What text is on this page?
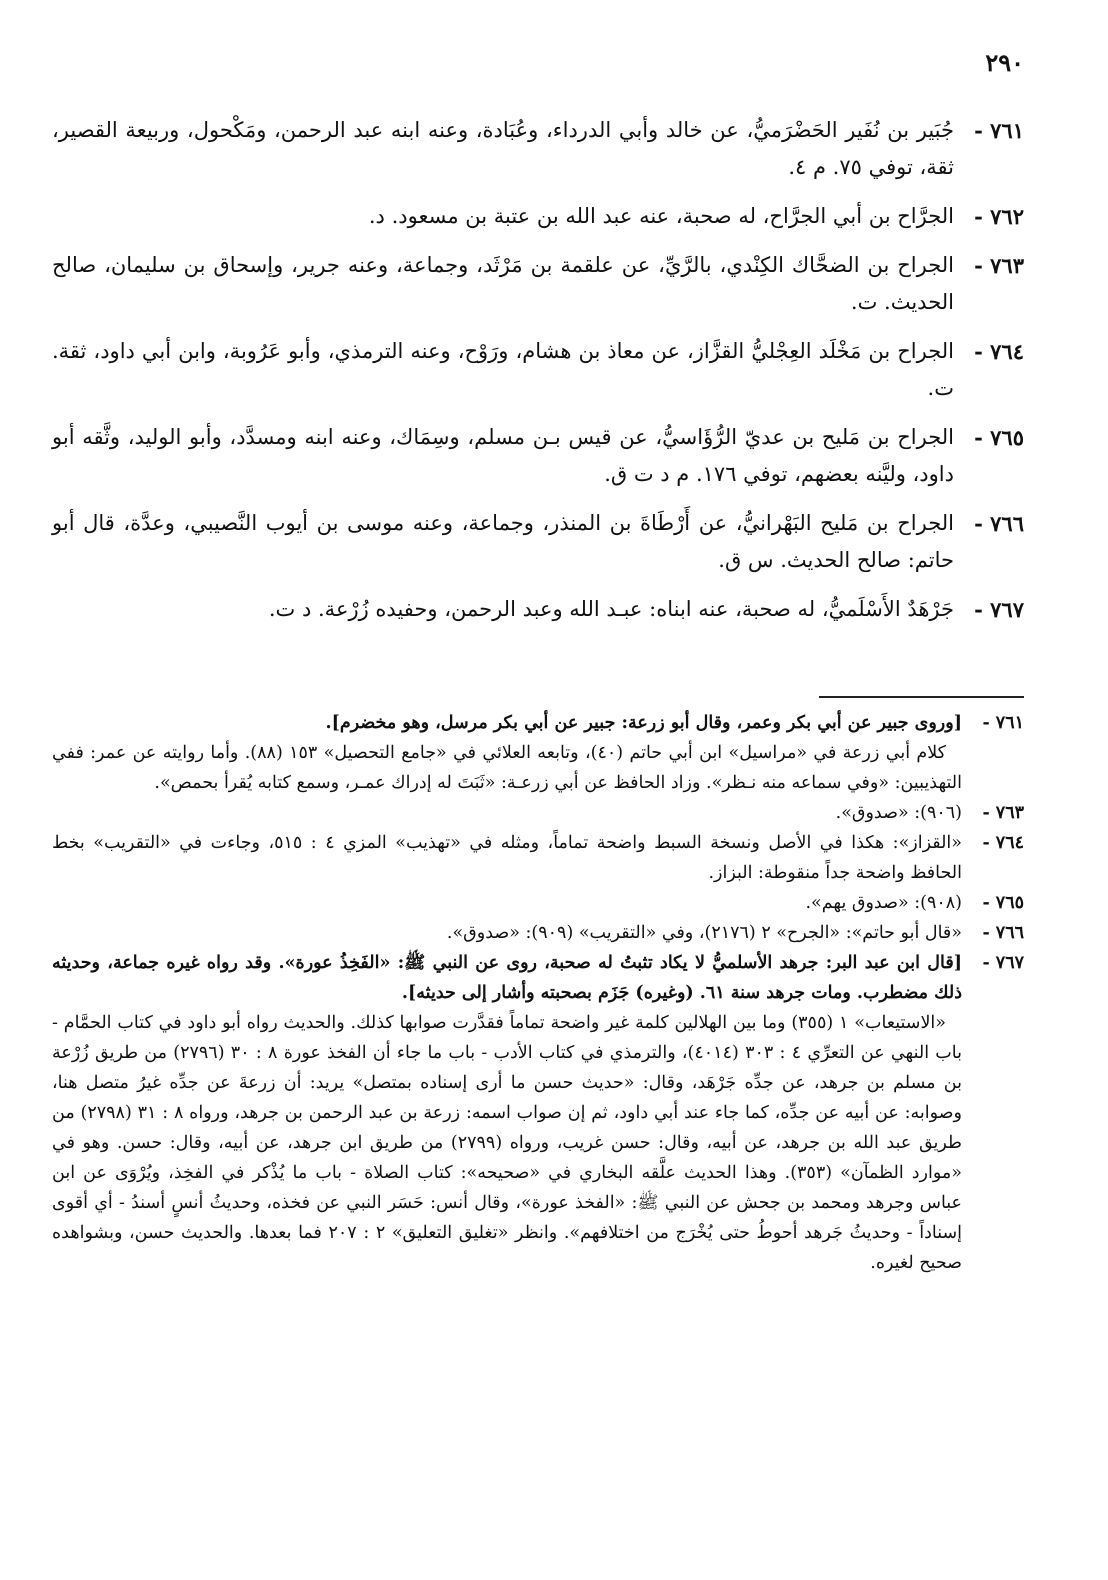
٢٩٠
٧٦١ -
جُبَير بن نُفَير الحَضْرَميُّ، عن خالد وأبي الدرداء، وعُبَادة، وعنه ابنه عبد الرحمن، ومَكْحول، وربيعة القصير، ثقة، توفي ٧٥. م ٤.
٧٦٢ -
الجرَّاح بن أبي الجرَّاح، له صحبة، عنه عبد الله بن عتبة بن مسعود. د.
٧٦٣ -
الجراح بن الضحَّاك الكِنْدي، بالرَّيِّ، عن علقمة بن مَرْثَد، وجماعة، وعنه جرير، وإسحاق بن سليمان، صالح الحديث. ت.
٧٦٤ -
الجراح بن مَخْلَد العِجْليُّ القزَّاز، عن معاذ بن هشام، ورَوْح، وعنه الترمذي، وأبو عَرُوبة، وابن أبي داود، ثقة. ت.
٧٦٥ -
الجراح بن مَليح بن عديّ الرُّؤَاسيُّ، عن قيس بـن مسلم، وسِمَاك، وعنه ابنه ومسدَّد، وأبو الوليد، وثَّقه أبو داود، وليَّنه بعضهم، توفي ١٧٦. م د ت ق.
٧٦٦ -
الجراح بن مَليح البَهْرانيُّ، عن أَرْطَاةَ بن المنذر، وجماعة، وعنه موسى بن أيوب النَّصيبي، وعدَّة، قال أبو حاتم: صالح الحديث. س ق.
٧٦٧ -
جَرْهَدٌ الأَسْلَميُّ، له صحبة، عنه ابناه: عبـد الله وعبد الرحمن، وحفيده زُرْعة. د ت.
٧٦١ -
[وروى جبير عن أبي بكر وعمر، وقال أبو زرعة: جبير عن أبي بكر مرسل، وهو مخضرم].

كلام أبي زرعة في «مراسيل» ابن أبي حاتم (٤٠)، وتابعه العلائي في «جامع التحصيل» ١٥٣ (٨٨). وأما روايته عن عمر: ففي التهذيبين: «وفي سماعه منه نـظر». وزاد الحافظ عن أبي زرعـة: «ثَبَتَ له إدراك عمـر، وسمع كتابه يُقرأ بحمص».

٧٦٣ -
(٩٠٦): «صدوق».
٧٦٤ -
«القزاز»: هكذا في الأصل ونسخة السبط واضحة تماماً، ومثله في «تهذيب» المزي ٤ : ٥١٥، وجاءت في «التقريب» بخط الحافظ واضحة جداً منقوطة: البزاز.
٧٦٥ -
(٩٠٨): «صدوق يهم».
٧٦٦ -
«قال أبو حاتم»: «الجرح» ٢ (٢١٧٦)، وفي «التقريب» (٩٠٩): «صدوق».
٧٦٧ -
[قال ابن عبد البر: جرهد الأسلميُّ لا يكاد تثبتُ له صحبة، روى عن النبي ﷺ: «الفَخِذُ عورة». وقد رواه غيره جماعة، وحديثه ذلك مضطرب. ومات جرهد سنة ٦١. (وغيره) جَزَم بصحبته وأشار إلى حديثه].

«الاستيعاب» ١ (٣٥٥) وما بين الهلالين كلمة غير واضحة تماماً فقدَّرت صوابها كذلك. والحديث رواه أبو داود في كتاب الحمَّام - باب النهي عن التعرِّي ٤ : ٣٠٣ (٤٠١٤)، والترمذي في كتاب الأدب - باب ما جاء أن الفخذ عورة ٨ : ٣٠ (٢٧٩٦) من طريق زُرْعة بن مسلم بن جرهد، عن جدِّه جَرْهَد، وقال: «حديث حسن ما أرى إسناده بمتصل» يريد: أن زرعةَ عن جدِّه غيرُ متصل هنا، وصوابه: عن أبيه عن جدِّه، كما جاء عند أبي داود، ثم إن صواب اسمه: زرعة بن عبد الرحمن بن جرهد، ورواه ٨ : ٣١ (٢٧٩٨) من طريق عبد الله بن جرهد، عن أبيه، وقال: حسن غريب، ورواه (٢٧٩٩) من طريق ابن جرهد، عن أبيه، وقال: حسن. وهو في «موارد الظمآن» (٣٥٣). وهذا الحديث علَّقه البخاري في «صحيحه»: كتاب الصلاة - باب ما يُذْكر في الفخِذ، ويُرْوَى عن ابن عباس وجرهد ومحمد بن جحش عن النبي ﷺ: «الفخذ عورة»، وقال أنس: حَسَر النبي عن فخذه، وحديثُ أنسٍ أسندُ - أي أقوى إسناداً - وحديثُ جَرهد أحوطُ حتى يُخْرَج من اختلافهم». وانظر «تغليق التعليق» ٢ : ٢٠٧ فما بعدها. والحديث حسن، وبشواهده صحيح لغيره.
